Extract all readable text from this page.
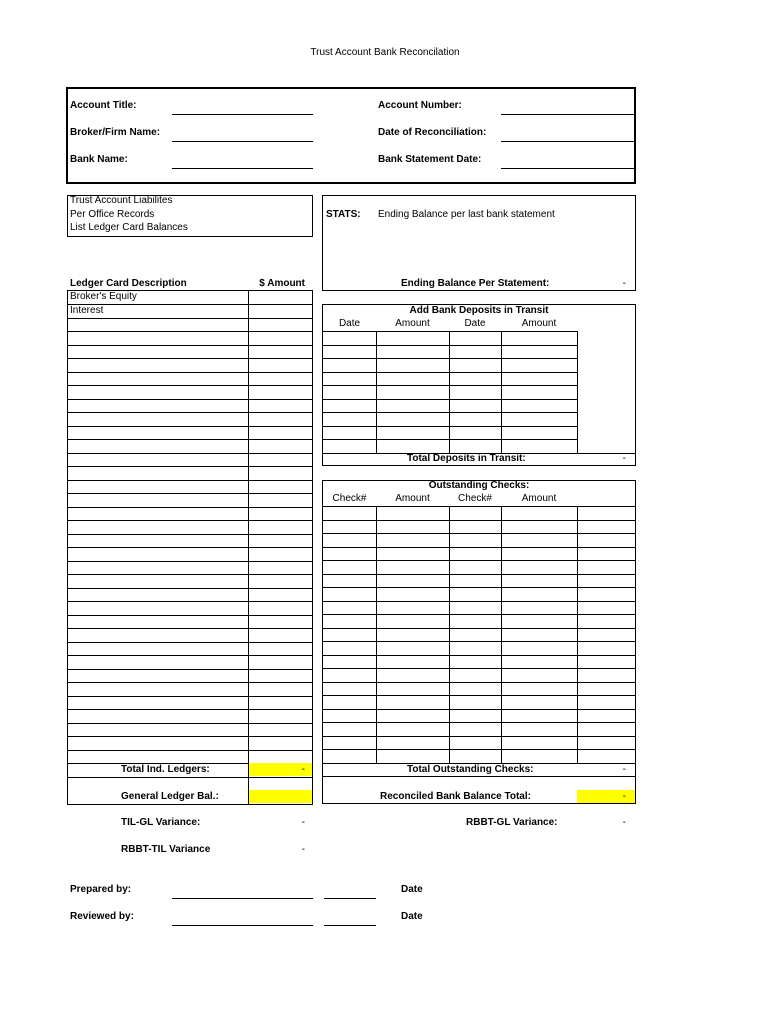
Trust Account Bank Reconcilation
Account Title:	Account Number:
Broker/Firm Name:	Date of Reconciliation:
Bank Name:	Bank Statement Date:
Trust Account Liabilites
Per Office Records
List Ledger Card Balances
Ledger Card Description	$ Amount
Broker's Equity
Interest
Total Ind. Ledgers:	-
General Ledger Bal.:
TIL-GL Variance:	-
RBBT-TIL Variance	-
STATS: Ending Balance per last bank statement
Ending Balance Per Statement:	-
Add Bank Deposits in Transit
Date	Amount	Date	Amount
Total Deposits in Transit:	-
Outstanding Checks:
Check#	Amount	Check#	Amount
Total Outstanding Checks:	-
Reconciled Bank Balance Total:	-
RBBT-GL Variance:	-
Prepared by:	Date
Reviewed by:	Date
